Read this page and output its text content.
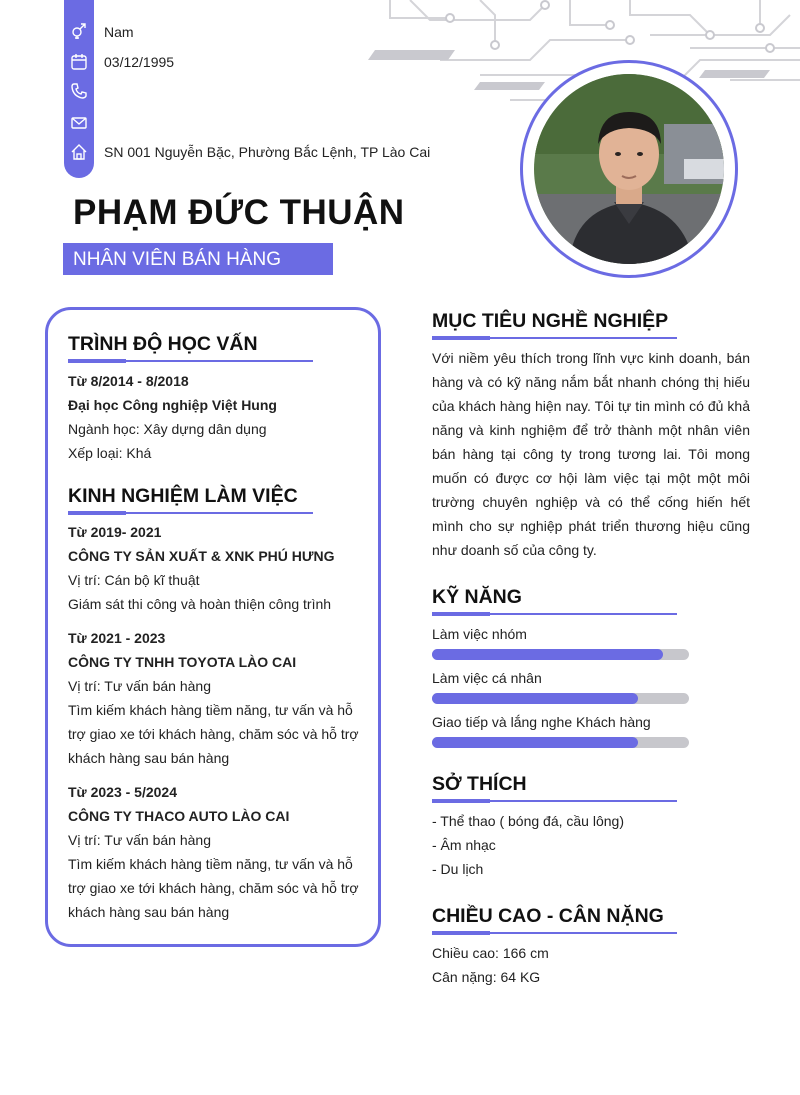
Nam
03/12/1995
SN 001 Nguyễn Bặc, Phường Bắc Lệnh, TP Lào Cai
PHẠM ĐỨC THUẬN
NHÂN VIÊN BÁN HÀNG
TRÌNH ĐỘ HỌC VẤN
Từ 8/2014 - 8/2018
Đại học Công nghiệp Việt Hung
Ngành học: Xây dựng dân dụng
Xếp loại: Khá
KINH NGHIỆM LÀM VIỆC
Từ 2019- 2021
CÔNG TY SẢN XUẤT & XNK PHÚ HƯNG
Vị trí: Cán bộ kĩ thuật
Giám sát thi công và hoàn thiện công trình
Từ 2021 - 2023
CÔNG TY TNHH TOYOTA LÀO CAI
Vị trí: Tư vấn bán hàng
Tìm kiếm khách hàng tiềm năng, tư vấn và hỗ
trợ giao xe tới khách hàng, chăm sóc và hỗ trợ
khách hàng sau bán hàng
Từ 2023 - 5/2024
CÔNG TY THACO AUTO LÀO CAI
Vị trí: Tư vấn bán hàng
Tìm kiếm khách hàng tiềm năng, tư vấn và hỗ
trợ giao xe tới khách hàng, chăm sóc và hỗ trợ
khách hàng sau bán hàng
MỤC TIÊU NGHỀ NGHIỆP

Với niềm yêu thích trong lĩnh vực kinh doanh, bán hàng và có kỹ năng nắm bắt nhanh chóng thị hiếu của khách hàng hiện nay. Tôi tự tin mình có đủ khả năng và kinh nghiệm để trở thành một nhân viên bán hàng tại công ty trong tương lai. Tôi mong muốn có được cơ hội làm việc tại một một môi trường chuyên nghiệp và có thể cống hiến hết mình cho sự nghiệp phát triển thương hiệu cũng như doanh số của công ty.

KỸ NĂNG
Làm việc nhóm
Làm việc cá nhân
Giao tiếp và lắng nghe Khách hàng
SỞ THÍCH
- Thể thao ( bóng đá, cầu lông)
- Âm nhạc
- Du lịch
CHIỀU CAO - CÂN NẶNG
Chiều cao: 166 cm
Cân nặng: 64 KG
